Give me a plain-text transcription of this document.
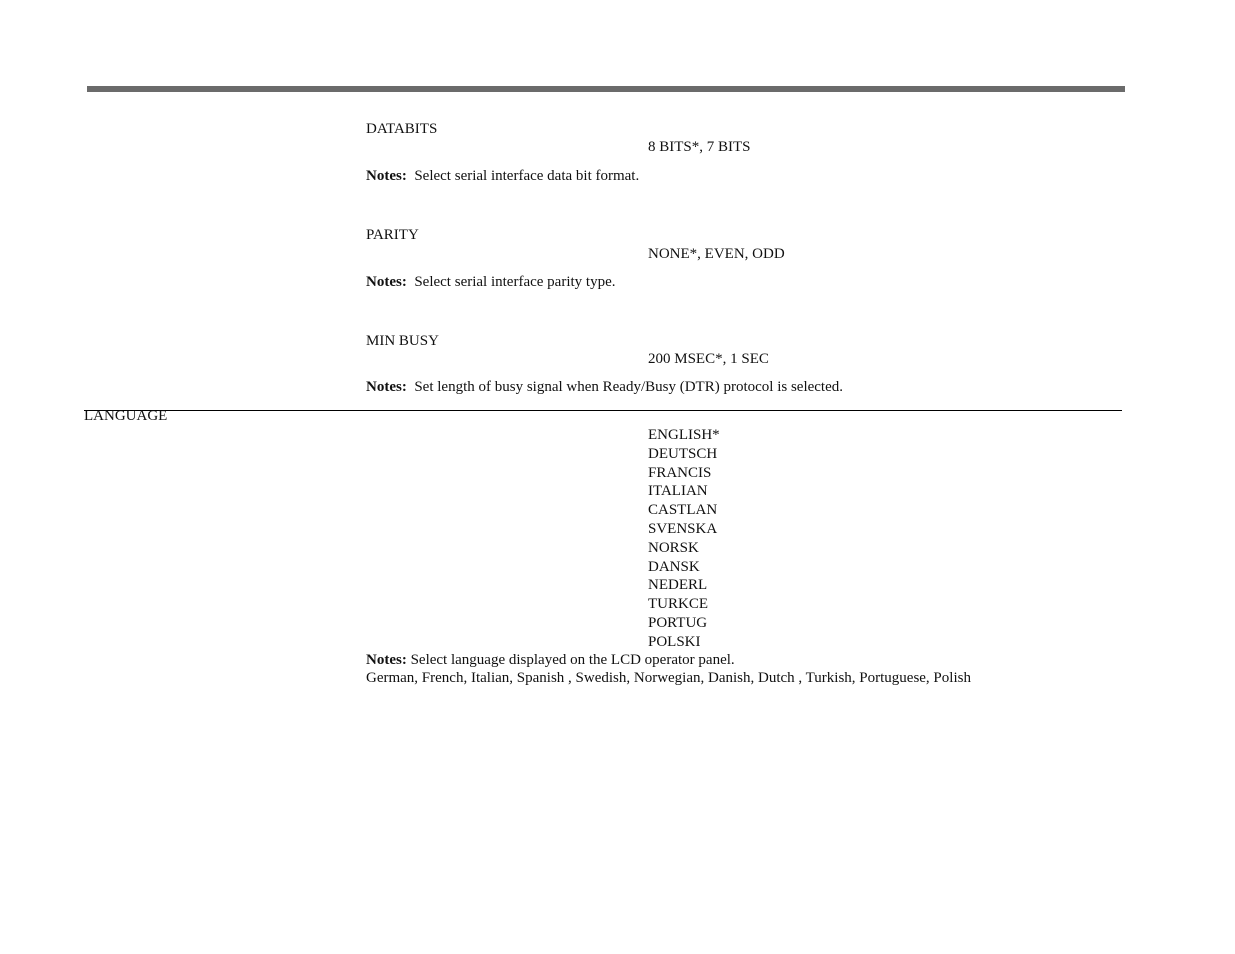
DATABITS
8 BITS*, 7 BITS
Notes: Select serial interface data bit format.
PARITY
NONE*, EVEN, ODD
Notes: Select serial interface parity type.
MIN BUSY
200 MSEC*, 1 SEC
Notes: Set length of busy signal when Ready/Busy (DTR) protocol is selected.
LANGUAGE
ENGLISH*
DEUTSCH
FRANCIS
ITALIAN
CASTLAN
SVENSKA
NORSK
DANSK
NEDERL
TURKCE
PORTUG
POLSKI
Notes: Select language displayed on the LCD operator panel.
German, French, Italian, Spanish , Swedish, Norwegian, Danish, Dutch , Turkish, Portuguese, Polish
